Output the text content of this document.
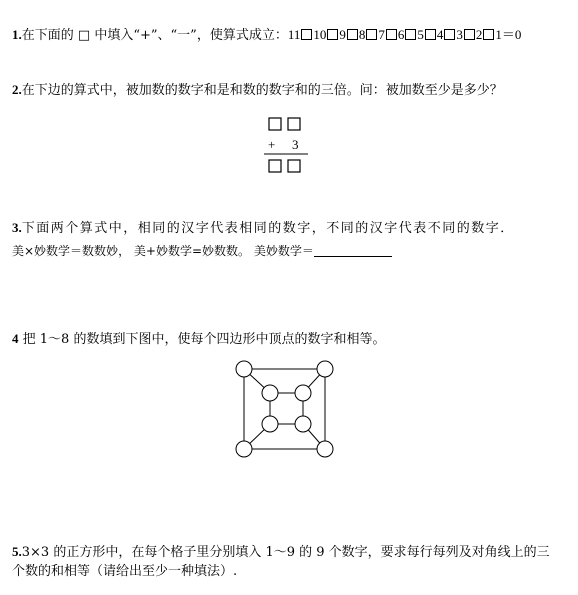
1.在下面的 □ 中填入“+”、“一”，使算式成立：11 10 9 8 7 6 5 4 3 2 1＝0
2.在下边的算式中，被加数的数字和是和数的数字和的三倍。问：被加数至少是多少？
+ 3
3.下面两个算式中，相同的汉字代表相同的数字，不同的汉字代表不同的数字．
美×妙数学＝数数妙， 美+妙数学=妙数数。 美妙数学＝
4 把 1～8 的数填到下图中，使每个四边形中顶点的数字和相等。
5.3×3 的正方形中，在每个格子里分别填入 1～9 的 9 个数字，要求每行每列及对角线上的三
个数的和相等（请给出至少一种填法）.
